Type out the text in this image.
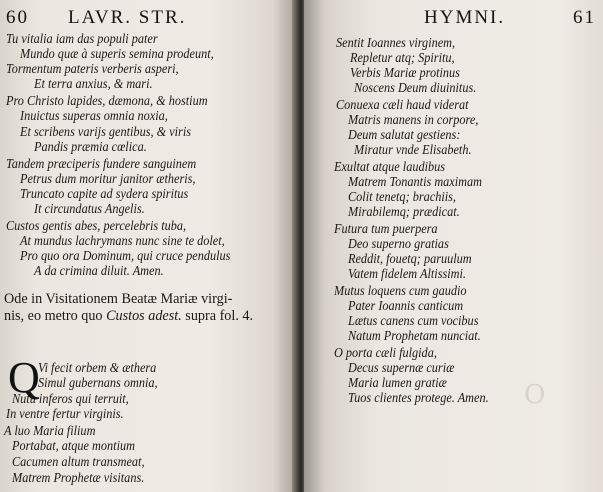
60 LAVR. STR.
Tu vitalia iam das populi pater
Mundo quæ à superis semina prodeunt,
Tormentum pateris verberis asperi,
Et terra anxius, & mari.
Pro Christo lapides, dæmona, & hostium
Inuictus superas omnia noxia,
Et scribens varijs gentibus, & viris
Pandis præmia cœlica.
Tandem præciperis fundere sanguinem
Petrus dum moritur janitor ætheris,
Truncato capite ad sydera spiritus
It circundatus Angelis.
Custos gentis abes, percelebris tuba,
At mundus lachrymans nunc sine te dolet,
Pro quo ora Dominum, qui cruce pendulus
A da crimina diluit. Amen.
Ode in Visitationem Beatæ Mariæ virgi-
nis, eo metro quo Custos adest. supra fol. 4.
Q
Vi fecit orbem & æthera
Simul gubernans omnia,
Nutu inferos qui terruit,
In ventre fertur virginis.
A luo Maria filium
Portabat, atque montium
Cacumen altum transmeat,
Matrem Prophetæ visitans.
O
HYMNI.	61
Sentit Ioannes virginem,
Repletur atq; Spiritu,
Verbis Mariæ protinus
Noscens Deum diuinitus.
Conuexa cæli haud viderat
Matris manens in corpore,
Deum salutat gestiens:
Miratur vnde Elisabeth.
Exultat atque laudibus
Matrem Tonantis maximam
Colit tenetq; brachiis,
Mirabilemq; prædicat.
Futura tum puerpera
Deo superno gratias
Reddit, fouetq; paruulum
Vatem fidelem Altissimi.
Mutus loquens cum gaudio
Pater Ioannis canticum
Lætus canens cum vocibus
Natum Prophetam nunciat.
O porta cæli fulgida,
Decus supernæ curiæ
Maria lumen gratiæ
Tuos clientes protege. Amen.
